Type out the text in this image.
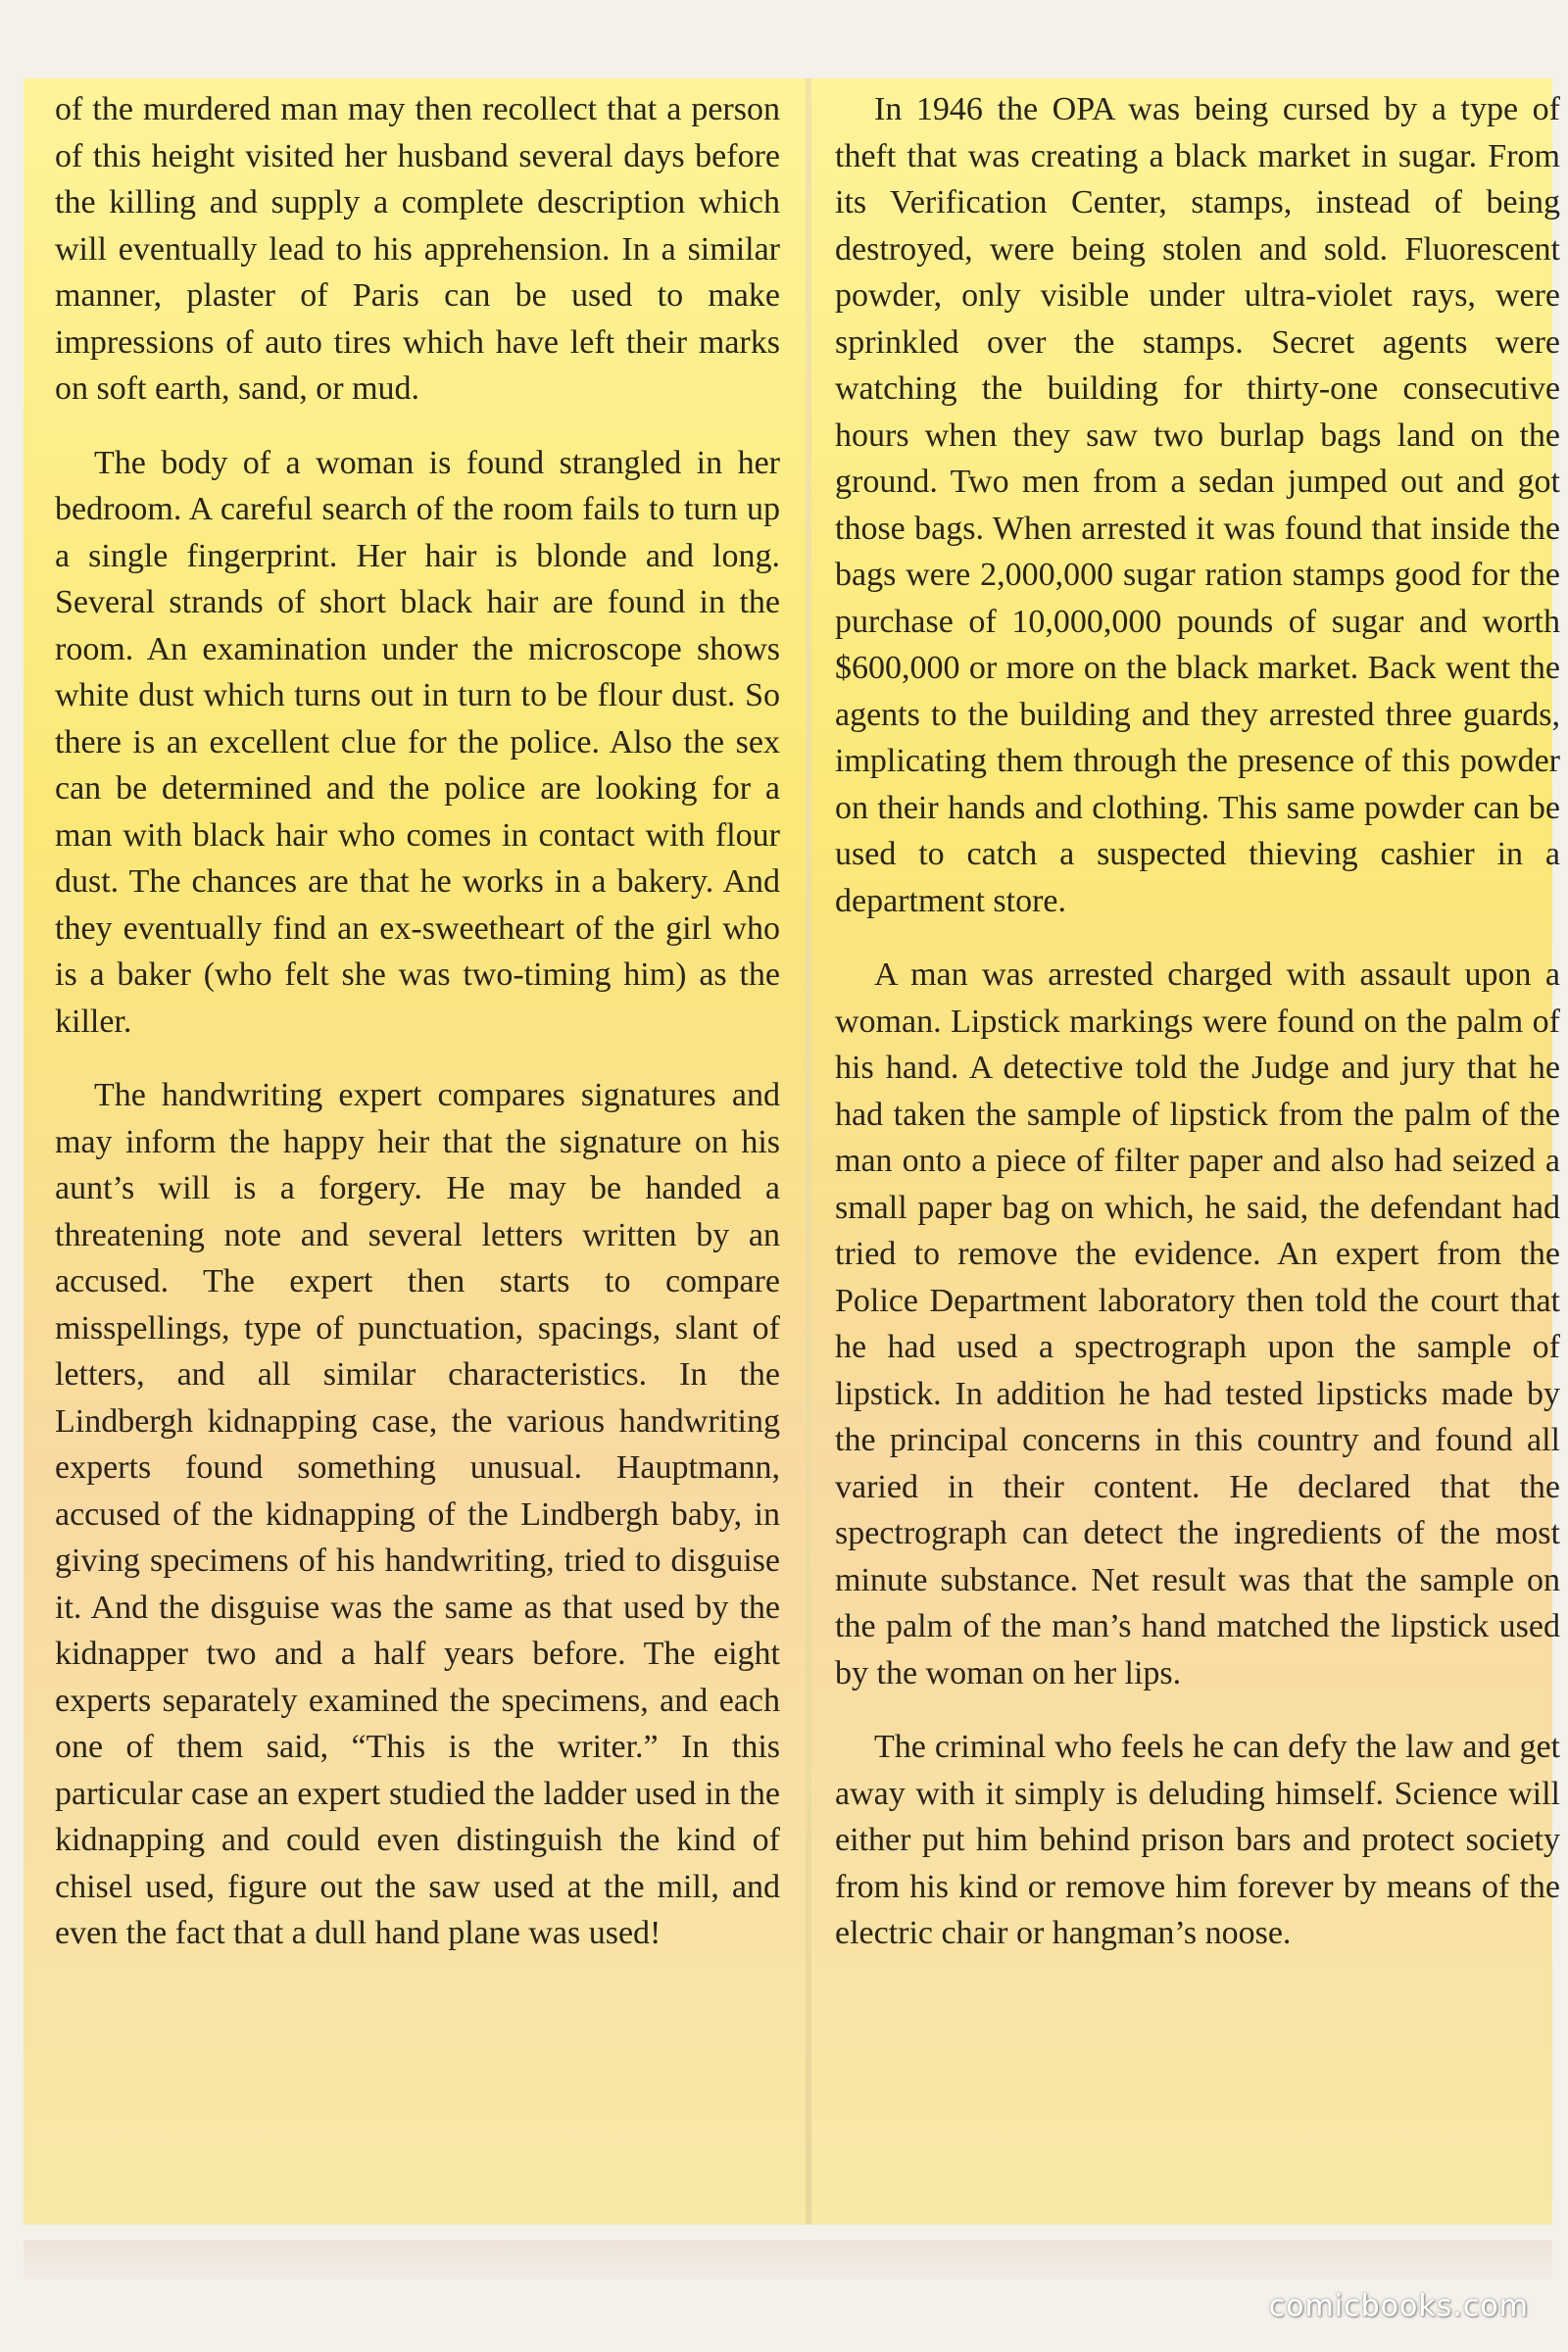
of the murdered man may then recollect that a person of this height visited her husband several days before the killing and supply a complete description which will eventually lead to his apprehension. In a similar manner, plaster of Paris can be used to make impressions of auto tires which have left their marks on soft earth, sand, or mud.

The body of a woman is found strangled in her bedroom. A careful search of the room fails to turn up a single fingerprint. Her hair is blonde and long. Several strands of short black hair are found in the room. An examination under the microscope shows white dust which turns out in turn to be flour dust. So there is an excellent clue for the police. Also the sex can be determined and the police are looking for a man with black hair who comes in contact with flour dust. The chances are that he works in a bakery. And they eventually find an ex-sweetheart of the girl who is a baker (who felt she was two-timing him) as the killer.

The handwriting expert compares signatures and may inform the happy heir that the signature on his aunt’s will is a forgery. He may be handed a threatening note and several letters written by an accused. The expert then starts to compare misspellings, type of punctuation, spacings, slant of letters, and all similar characteristics. In the Lindbergh kidnapping case, the various handwriting experts found something unusual. Hauptmann, accused of the kidnapping of the Lindbergh baby, in giving specimens of his handwriting, tried to disguise it. And the disguise was the same as that used by the kidnapper two and a half years before. The eight experts separately examined the specimens, and each one of them said, “This is the writer.” In this particular case an expert studied the ladder used in the kidnapping and could even distinguish the kind of chisel used, figure out the saw used at the mill, and even the fact that a dull hand plane was used!

In 1946 the OPA was being cursed by a type of theft that was creating a black market in sugar. From its Verification Center, stamps, instead of being destroyed, were being stolen and sold. Fluorescent powder, only visible under ultra-violet rays, were sprinkled over the stamps. Secret agents were watching the building for thirty-one consecutive hours when they saw two burlap bags land on the ground. Two men from a sedan jumped out and got those bags. When arrested it was found that inside the bags were 2,000,000 sugar ration stamps good for the purchase of 10,000,000 pounds of sugar and worth $600,000 or more on the black market. Back went the agents to the building and they arrested three guards, implicating them through the presence of this powder on their hands and clothing. This same powder can be used to catch a suspected thieving cashier in a department store.

A man was arrested charged with assault upon a woman. Lipstick markings were found on the palm of his hand. A detective told the Judge and jury that he had taken the sample of lipstick from the palm of the man onto a piece of filter paper and also had seized a small paper bag on which, he said, the defendant had tried to remove the evidence. An expert from the Police Department laboratory then told the court that he had used a spectrograph upon the sample of lipstick. In addition he had tested lipsticks made by the principal concerns in this country and found all varied in their content. He declared that the spectrograph can detect the ingredients of the most minute substance. Net result was that the sample on the palm of the man’s hand matched the lipstick used by the woman on her lips.

The criminal who feels he can defy the law and get away with it simply is deluding himself. Science will either put him behind prison bars and protect society from his kind or remove him forever by means of the electric chair or hangman’s noose.

comicbooks.com
